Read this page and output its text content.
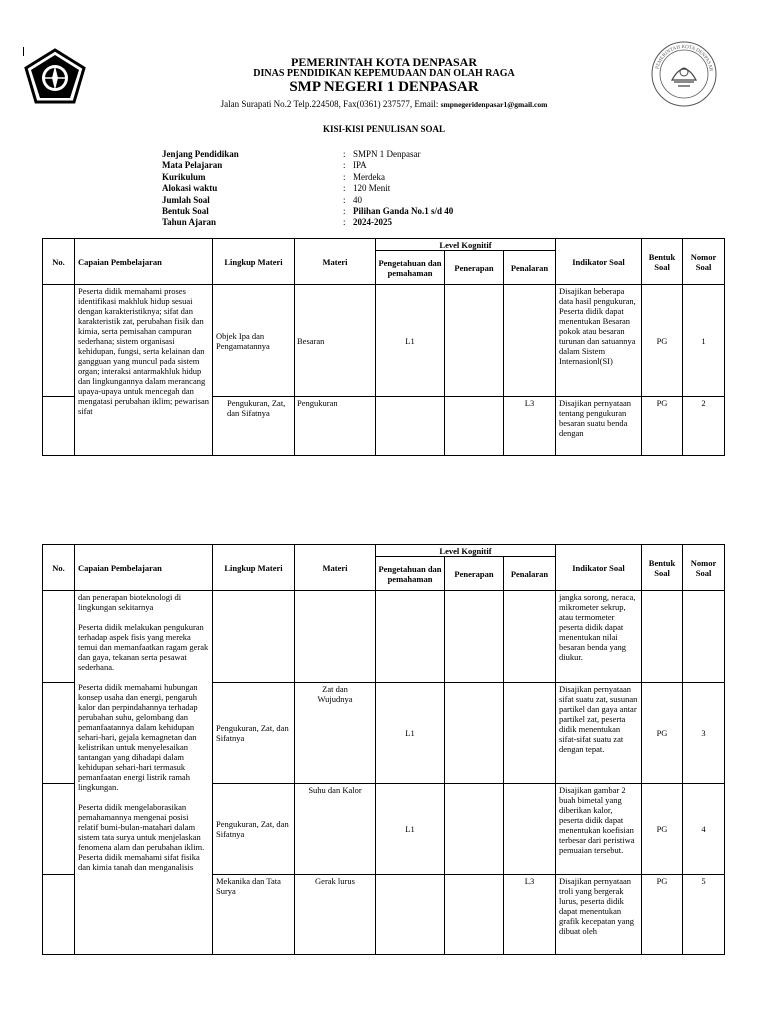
PEMERINTAH KOTA DENPASAR
DINAS PENDIDIKAN KEPEMUDAAN DAN OLAH RAGA
SMP NEGERI 1 DENPASAR
Jalan Surapati No.2 Telp.224508, Fax(0361) 237577, Email: smpnegeridenpasar1@gmail.com
PEMERINTAH KOTA DENPASAR
KISI-KISI PENULISAN SOAL
Jenjang Pendidikan	: SMPN 1 Denpasar
Mata Pelajaran	: IPA
Kurikulum	: Merdeka
Alokasi waktu	: 120 Menit
Jumlah Soal	: 40
Bentuk Soal	: Pilihan Ganda No.1 s/d 40
Tahun Ajaran	: 2024-2025
No.	Capaian Pembelajaran	Lingkup Materi	Materi	Level Kognitif			Indikator Soal	Bentuk Soal	Nomor Soal
				Pengetahuan dan pemahaman	Penerapan	Penalaran			
	Peserta didik memahami proses identifikasi makhluk hidup sesuai dengan karakteristiknya; sifat dan karakteristik zat, perubahan fisik dan kimia, serta pemisahan campuran sederhana; sistem organisasi kehidupan, fungsi, serta kelainan dan gangguan yang muncul pada sistem organ; interaksi antarmakhluk hidup dan lingkungannya dalam merancang upaya-upaya untuk mencegah dan mengatasi perubahan iklim; pewarisan sifat	Objek Ipa dan Pengamatannya	Besaran	L1			Disajikan beberapa data hasil pengukuran, Peserta didik dapat menentukan Besaran pokok atau besaran turunan dan satuannya dalam Sistem Internasionl(SI)	PG	1
		Pengukuran, Zat, dan Sifatnya	Pengukuran			L3	Disajikan pernyataan tentang pengukuran besaran suatu benda dengan	PG	2
No.	Capaian Pembelajaran	Lingkup Materi	Materi	Level Kognitif			Indikator Soal	Bentuk Soal	Nomor Soal
				Pengetahuan dan pemahaman	Penerapan	Penalaran			
	dan penerapan bioteknologi di lingkungan sekitarnya

Peserta didik melakukan pengukuran terhadap aspek fisis yang mereka temui dan memanfaatkan ragam gerak dan gaya, tekanan serta pesawat sederhana.

Peserta didik memahami hubungan konsep usaha dan energi, pengaruh kalor dan perpindahannya terhadap perubahan suhu, gelombang dan pemanfaatannya dalam kehidupan sehari-hari, gejala kemagnetan dan kelistrikan untuk menyelesaikan tantangan yang dihadapi dalam kehidupan sehari-hari termasuk pemanfaatan energi listrik ramah lingkungan.

Peserta didik mengelaborasikan pemahamannya mengenai posisi relatif bumi-bulan-matahari dalam sistem tata surya untuk menjelaskan fenomena alam dan perubahan iklim. Peserta didik memahami sifat fisika dan kimia tanah dan menganalisis						jangka sorong, neraca, mikrometer sekrup, atau termometer peserta didik dapat menentukan nilai besaran benda yang diukur.		
		Pengukuran, Zat, dan Sifatnya	Zat dan Wujudnya	L1			Disajikan pernyataan sifat suatu zat, susunan partikel dan gaya antar partikel zat, peserta didik menentukan sifat-sifat suatu zat dengan tepat.	PG	3
		Pengukuran, Zat, dan Sifatnya	Suhu dan Kalor	L1			Disajikan gambar 2 buah bimetal yang diberikan kalor, peserta didik dapat menentukan koefisian terbesar dari peristiwa pemuaian tersebut.	PG	4
		Mekanika dan Tata Surya	Gerak lurus			L3	Disajikan pernyataan troli yang bergerak lurus, peserta didik dapat menentukan grafik kecepatan yang dibuat oleh	PG	5
